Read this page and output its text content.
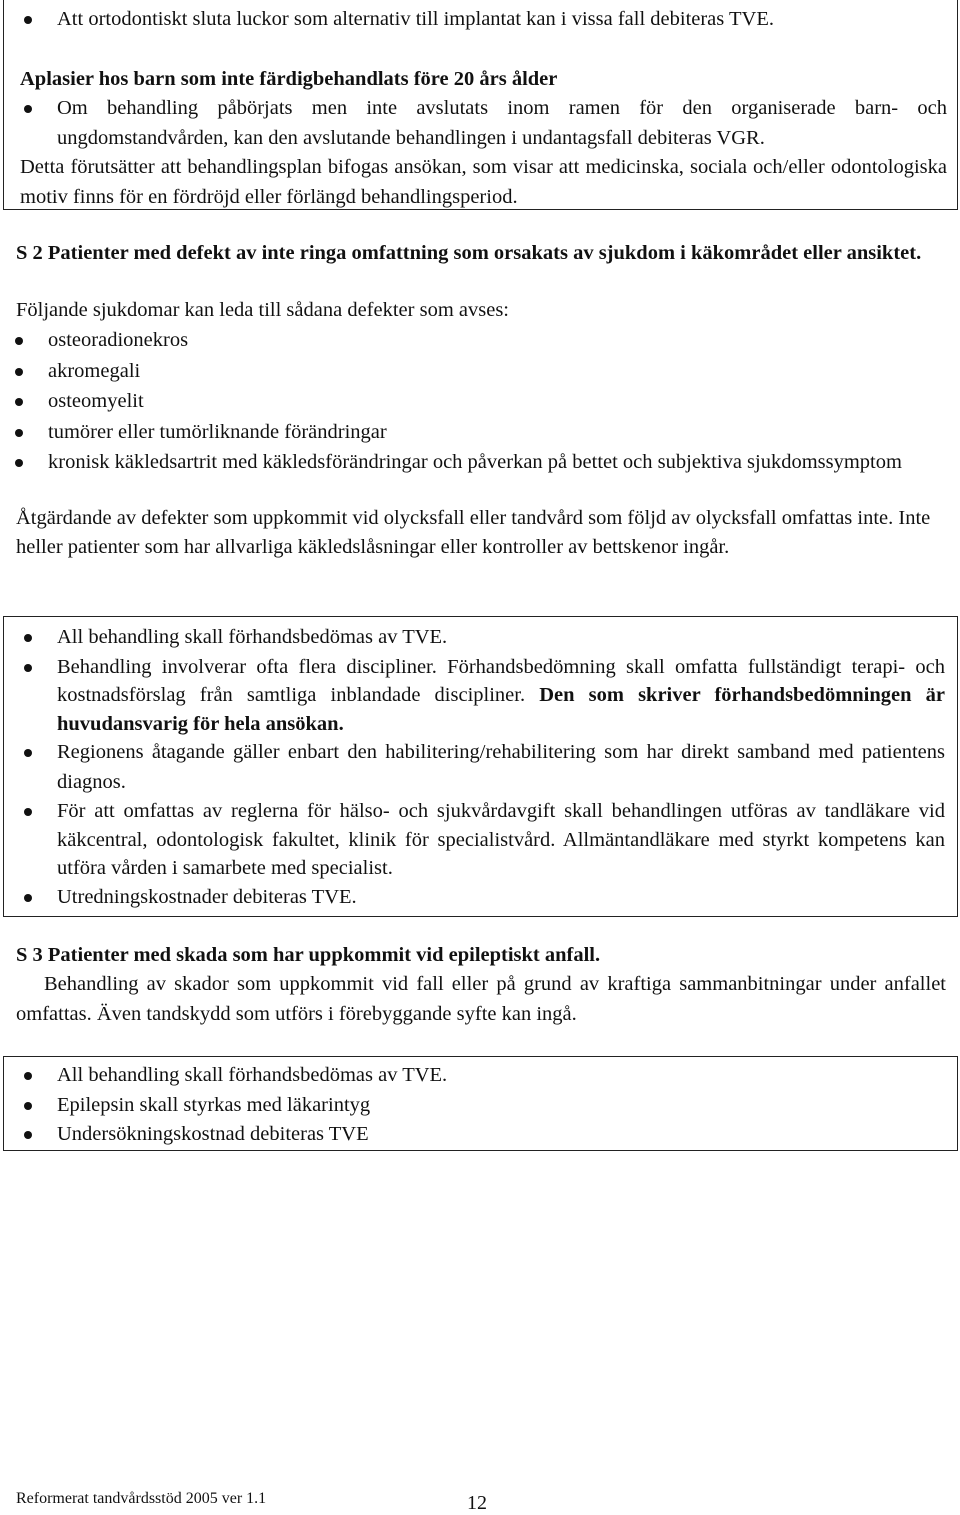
Att ortodontiskt sluta luckor som alternativ till implantat kan i vissa fall debiteras TVE.

Aplasier hos barn som inte färdigbehandlats före 20 års ålder

Om behandling påbörjats men inte avslutats inom ramen för den organiserade barn- och ungdomstandvården, kan den avslutande behandlingen i undantagsfall debiteras VGR.

Detta förutsätter att behandlingsplan bifogas ansökan, som visar att medicinska, sociala och/eller odontologiska motiv finns för en fördröjd eller förlängd behandlingsperiod.

S 2 Patienter med defekt av inte ringa omfattning som orsakats av sjukdom i käkområdet eller ansiktet.

Följande sjukdomar kan leda till sådana defekter som avses:

osteoradionekros
akromegali
osteomyelit
tumörer eller tumörliknande förändringar
kronisk käkledsartrit med käkledsförändringar och påverkan på bettet och subjektiva sjukdomssymptom

Åtgärdande av defekter som uppkommit vid olycksfall eller tandvård som följd av olycksfall omfattas inte. Inte heller patienter som har allvarliga käkledslåsningar eller kontroller av bettskenor ingår.

All behandling skall förhandsbedömas av TVE.
Behandling involverar ofta flera discipliner. Förhandsbedömning skall omfatta fullständigt terapi- och kostnadsförslag från samtliga inblandade discipliner. Den som skriver förhandsbedömningen är huvudansvarig för hela ansökan.
Regionens åtagande gäller enbart den habilitering/rehabilitering som har direkt samband med patientens diagnos.
För att omfattas av reglerna för hälso- och sjukvårdavgift skall behandlingen utföras av tandläkare vid käkcentral, odontologisk fakultet, klinik för specialistvård. Allmäntandläkare med styrkt kompetens kan utföra vården i samarbete med specialist.
Utredningskostnader debiteras TVE.

S 3 Patienter med skada som har uppkommit vid epileptiskt anfall.

Behandling av skador som uppkommit vid fall eller på grund av kraftiga sammanbitningar under anfallet omfattas. Även tandskydd som utförs i förebyggande syfte kan ingå.

All behandling skall förhandsbedömas av TVE.
Epilepsin skall styrkas med läkarintyg
Undersökningskostnad debiteras TVE
Reformerat tandvårdsstöd 2005 ver 1.1	12
